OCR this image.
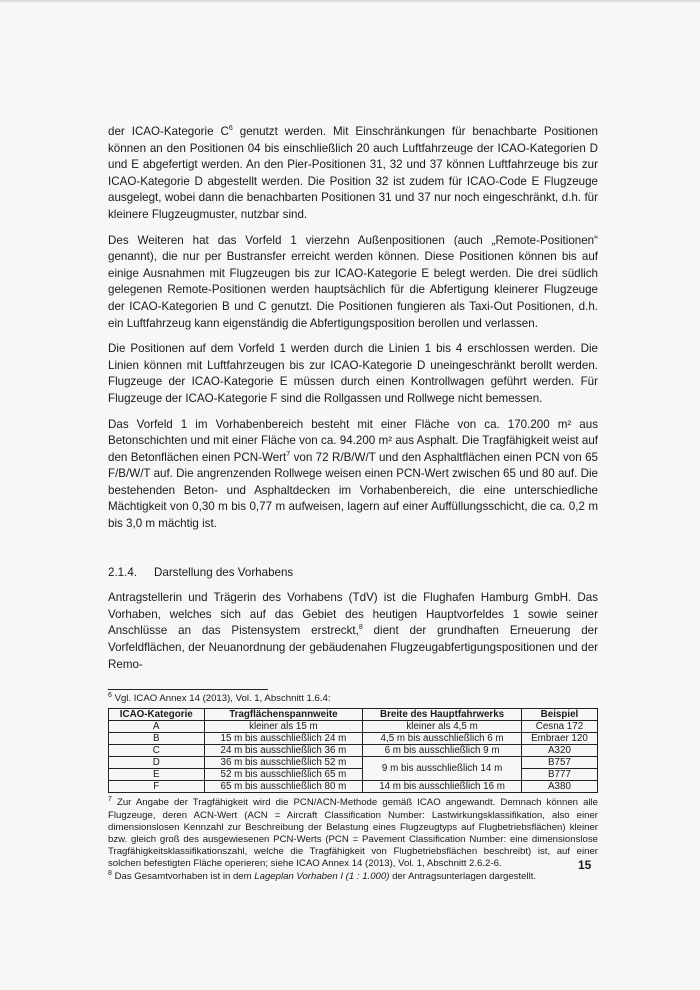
der ICAO-Kategorie $C^6$ genutzt werden. Mit Einschränkungen für benachbarte Positionen können an den Positionen 04 bis einschließlich 20 auch Luftfahrzeuge der ICAO-Kategorien D und E abgefertigt werden. An den Pier-Positionen 31, 32 und 37 können Luftfahrzeuge bis zur ICAO-Kategorie D abgestellt werden. Die Position 32 ist zudem für ICAO-Code E Flugzeuge ausgelegt, wobei dann die benachbarten Positionen 31 und 37 nur noch eingeschränkt, d.h. für kleinere Flugzeugmuster, nutzbar sind.

Des Weiteren hat das Vorfeld 1 vierzehn Außenpositionen (auch „Remote-Positionen“ genannt), die nur per Bustransfer erreicht werden können. Diese Positionen können bis auf einige Ausnahmen mit Flugzeugen bis zur ICAO-Kategorie E belegt werden. Die drei südlich gelegenen Remote-Positionen werden hauptsächlich für die Abfertigung kleinerer Flugzeuge der ICAO-Kategorien B und C genutzt. Die Positionen fungieren als Taxi-Out Positionen, d.h. ein Luftfahrzeug kann eigenständig die Abfertigungsposition berollen und verlassen.

Die Positionen auf dem Vorfeld 1 werden durch die Linien 1 bis 4 erschlossen werden. Die Linien können mit Luftfahrzeugen bis zur ICAO-Kategorie D uneingeschränkt berollt werden. Flugzeuge der ICAO-Kategorie E müssen durch einen Kontrollwagen geführt werden. Für Flugzeuge der ICAO-Kategorie F sind die Rollgassen und Rollwege nicht bemessen.

Das Vorfeld 1 im Vorhabenbereich besteht mit einer Fläche von ca. 170.200 m² aus Betonschichten und mit einer Fläche von ca. 94.200 m² aus Asphalt. Die Tragfähigkeit weist auf den Betonflächen einen PCN-Wert$^7$ von 72 R/B/W/T und den Asphaltflächen einen PCN von 65 F/B/W/T auf. Die angrenzenden Rollwege weisen einen PCN-Wert zwischen 65 und 80 auf. Die bestehenden Beton- und Asphaltdecken im Vorhabenbereich, die eine unterschiedliche Mächtigkeit von 0,30 m bis 0,77 m aufweisen, lagern auf einer Auffüllungsschicht, die ca. 0,2 m bis 3,0 m mächtig ist.

2.1.4. Darstellung des Vorhabens

Antragstellerin und Trägerin des Vorhabens (TdV) ist die Flughafen Hamburg GmbH. Das Vorhaben, welches sich auf das Gebiet des heutigen Hauptvorfeldes 1 sowie seiner Anschlüsse an das Pistensystem erstreckt,$^8$ dient der grundhaften Erneuerung der Vorfeldflächen, der Neuanordnung der gebäudenahen Flugzeugabfertigungspositionen und der Remo-

$^6$ Vgl. ICAO Annex 14 (2013), Vol. 1, Abschnitt 1.6.4:

ICAO-Kategorie	Tragflächenspannweite	Breite des Hauptfahrwerks	Beispiel
A	kleiner als 15 m	kleiner als 4,5 m	Cesna 172
B	15 m bis ausschließlich 24 m	4,5 m bis ausschließlich 6 m	Embraer 120
C	24 m bis ausschließlich 36 m	6 m bis ausschließlich 9 m	A320
D	36 m bis ausschließlich 52 m	9 m bis ausschließlich 14 m	B757
E	52 m bis ausschließlich 65 m		B777
F	65 m bis ausschließlich 80 m	14 m bis ausschließlich 16 m	A380

$^7$ Zur Angabe der Tragfähigkeit wird die PCN/ACN-Methode gemäß ICAO angewandt. Demnach können alle Flugzeuge, deren ACN-Wert (ACN = Aircraft Classification Number: Lastwirkungsklassifikation, also einer dimensionslosen Kennzahl zur Beschreibung der Belastung eines Flugzeugtyps auf Flugbetriebsflächen) kleiner bzw. gleich groß des ausgewiesenen PCN-Werts (PCN = Pavement Classification Number: eine dimensionslose Tragfähigkeitsklassifikationszahl, welche die Tragfähigkeit von Flugbetriebsflächen beschreibt) ist, auf einer solchen befestigten Fläche operieren; siehe ICAO Annex 14 (2013), Vol. 1, Abschnitt 2.6.2-6.

$^8$ Das Gesamtvorhaben ist in dem Lageplan Vorhaben I (1 : 1.000) der Antragsunterlagen dargestellt.

15
